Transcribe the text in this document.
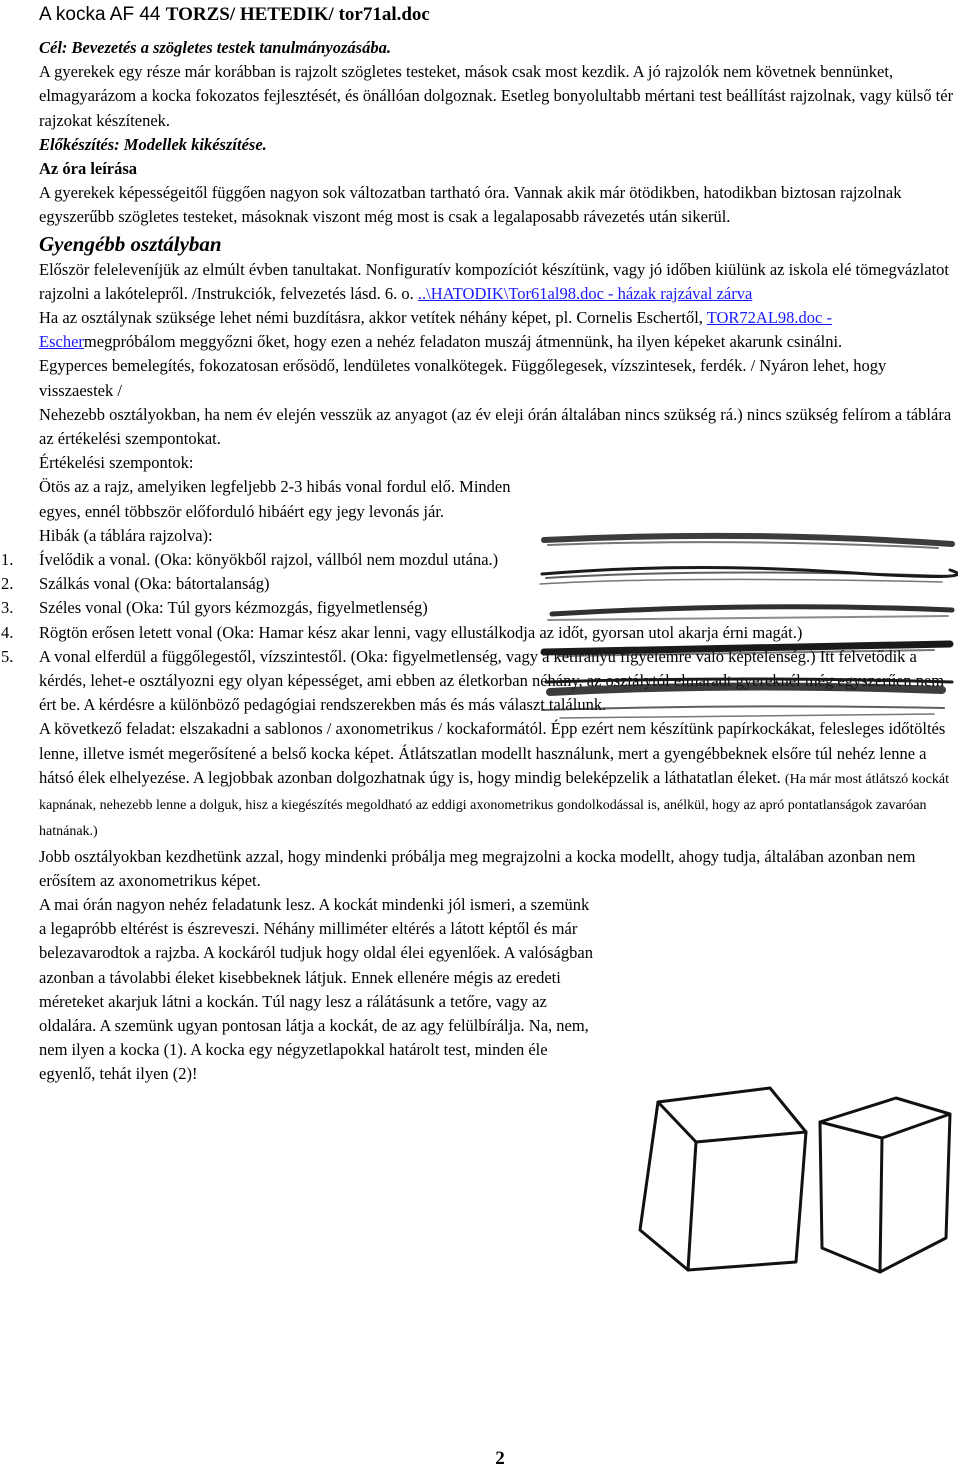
A kocka AF 44 TORZS/ HETEDIK/ tor71al.doc

Cél: Bevezetés a szögletes testek tanulmányozásába.

A gyerekek egy része már korábban is rajzolt szögletes testeket, mások csak most kezdik. A jó rajzolók nem követnek bennünket, elmagyarázom a kocka fokozatos fejlesztését, és önállóan dolgoznak. Esetleg bonyolultabb mértani test beállítást rajzolnak, vagy külső tér rajzokat készítenek.

Előkészítés: Modellek kikészítése.

Az óra leírása

A gyerekek képességeitől függően nagyon sok változatban tartható óra. Vannak akik már ötödikben, hatodikban biztosan rajzolnak egyszerűbb szögletes testeket, másoknak viszont még most is csak a legalaposabb rávezetés után sikerül.

Gyengébb osztályban

Először feleleveníjük az elmúlt évben tanultakat. Nonfiguratív kompozíciót készítünk, vagy jó időben kiülünk az iskola elé tömegvázlatot rajzolni a lakótelepről. /Instrukciók, felvezetés lásd. 6. o. ..\HATODIK\Tor61al98.doc - házak rajzával zárva

Ha az osztálynak szüksége lehet némi buzdításra, akkor vetítek néhány képet, pl. Cornelis Eschertől, TOR72AL98.doc - Eschermegpróbálom meggyőzni őket, hogy ezen a nehéz feladaton muszáj átmennünk, ha ilyen képeket akarunk csinálni.

Egyperces bemelegítés, fokozatosan erősödő, lendületes vonalkötegek. Függőlegesek, vízszintesek, ferdék. / Nyáron lehet, hogy visszaestek /

Nehezebb osztályokban, ha nem év elején vesszük az anyagot (az év eleji órán általában nincs szükség rá.) nincs szükség felírom a táblára az értékelési szempontokat.

Értékelési szempontok:

Ötös az a rajz, amelyiken legfeljebb 2-3 hibás vonal fordul elő. Minden egyes, ennél többször előforduló hibáért egy jegy levonás jár.

Hibák (a táblára rajzolva):

1. Ívelődik a vonal. (Oka: könyökből rajzol, vállból nem mozdul utána.)
2. Szálkás vonal (Oka: bátortalanság)
3. Széles vonal (Oka: Túl gyors kézmozgás, figyelmetlenség)
4. Rögtön erősen letett vonal (Oka: Hamar kész akar lenni, vagy ellustálkodja az időt, gyorsan utol akarja érni magát.)
5. A vonal elferdül a függőlegestől, vízszintestől. (Oka: figyelmetlenség, vagy a kétirányú figyelemre való képtelenség.) Itt felvetődik a kérdés, lehet-e osztályozni egy olyan képességet, ami ebben az életkorban néhány, az osztálytól elmaradt gyereknél még egyszerűen nem ért be. A kérdésre a különböző pedagógiai rendszerekben más és más választ találunk.

A következő feladat: elszakadni a sablonos / axonometrikus / kockaformától. Épp ezért nem készítünk papírkockákat, felesleges időtöltés lenne, illetve ismét megerősítené a belső kocka képet. Átlátszatlan modellt használunk, mert a gyengébbeknek elsőre túl nehéz lenne a hátsó élek elhelyezése. A legjobbak azonban dolgozhatnak úgy is, hogy mindig beleképzelik a láthatatlan éleket. (Ha már most átlátszó kockát kapnának, nehezebb lenne a dolguk, hisz a kiegészítés megoldható az eddigi axonometrikus gondolkodással is, anélkül, hogy az apró pontatlanságok zavaróan hatnának.)

Jobb osztályokban kezdhetünk azzal, hogy mindenki próbálja meg megrajzolni a kocka modellt, ahogy tudja, általában azonban nem erősítem az axonometrikus képet.

A mai órán nagyon nehéz feladatunk lesz. A kockát mindenki jól ismeri, a szemünk a legapróbb eltérést is észreveszi. Néhány milliméter eltérés a látott képtől és már belezavarodtok a rajzba. A kockáról tudjuk hogy oldal élei egyenlőek. A valóságban azonban a távolabbi éleket kisebbeknek látjuk. Ennek ellenére mégis az eredeti méreteket akarjuk látni a kockán. Túl nagy lesz a rálátásunk a tetőre, vagy az oldalára. A szemünk ugyan pontosan látja a kockát, de az agy felülbírálja. Na, nem, nem ilyen a kocka (1). A kocka egy négyzetlapokkal határolt test, minden éle egyenlő, tehát ilyen (2)!

2
